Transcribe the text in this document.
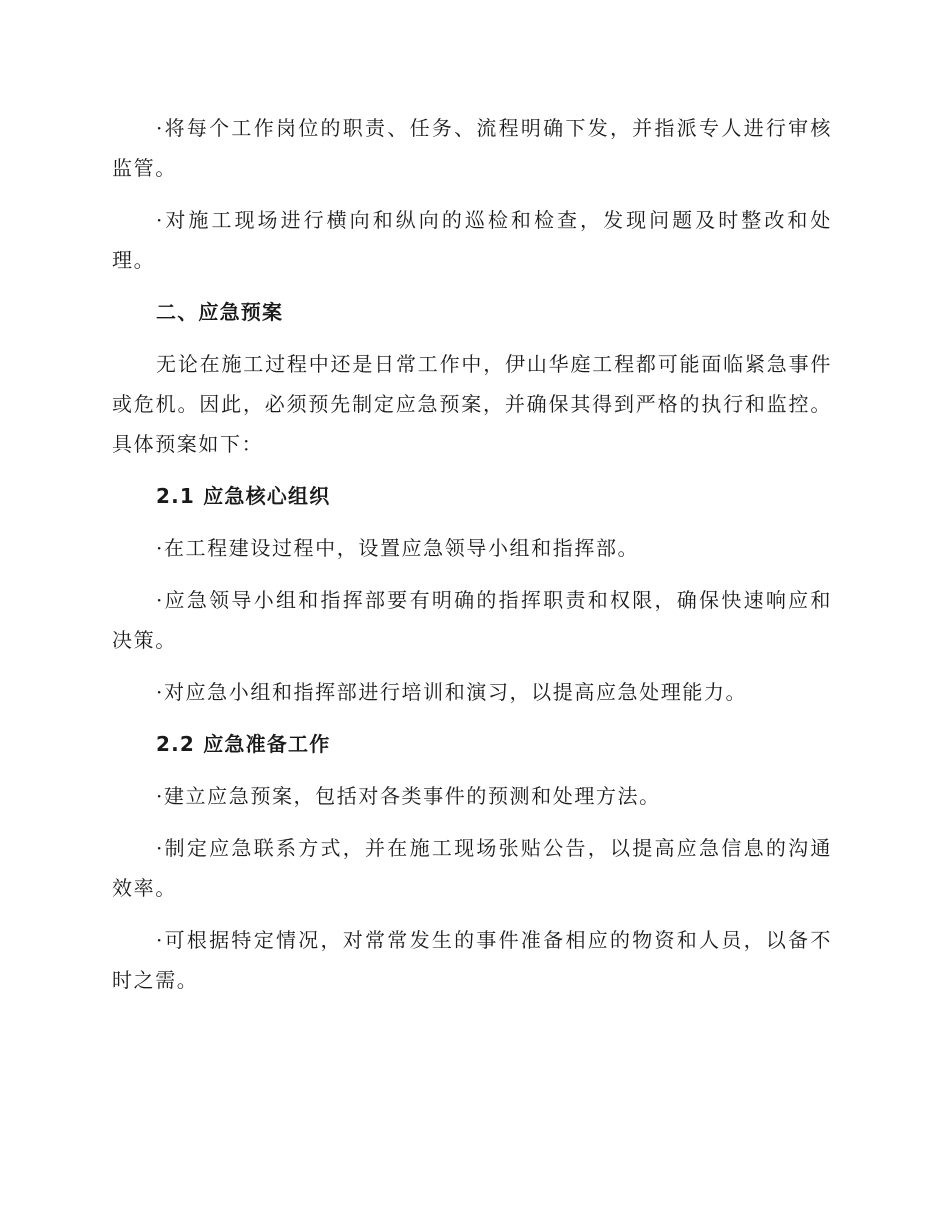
·将每个工作岗位的职责、任务、流程明确下发，并指派专人进行审核监管。

·对施工现场进行横向和纵向的巡检和检查，发现问题及时整改和处理。

二、应急预案

无论在施工过程中还是日常工作中，伊山华庭工程都可能面临紧急事件或危机。因此，必须预先制定应急预案，并确保其得到严格的执行和监控。具体预案如下：

2.1 应急核心组织

·在工程建设过程中，设置应急领导小组和指挥部。

·应急领导小组和指挥部要有明确的指挥职责和权限，确保快速响应和决策。

·对应急小组和指挥部进行培训和演习，以提高应急处理能力。

2.2 应急准备工作

·建立应急预案，包括对各类事件的预测和处理方法。

·制定应急联系方式，并在施工现场张贴公告，以提高应急信息的沟通效率。

·可根据特定情况，对常常发生的事件准备相应的物资和人员，以备不时之需。
